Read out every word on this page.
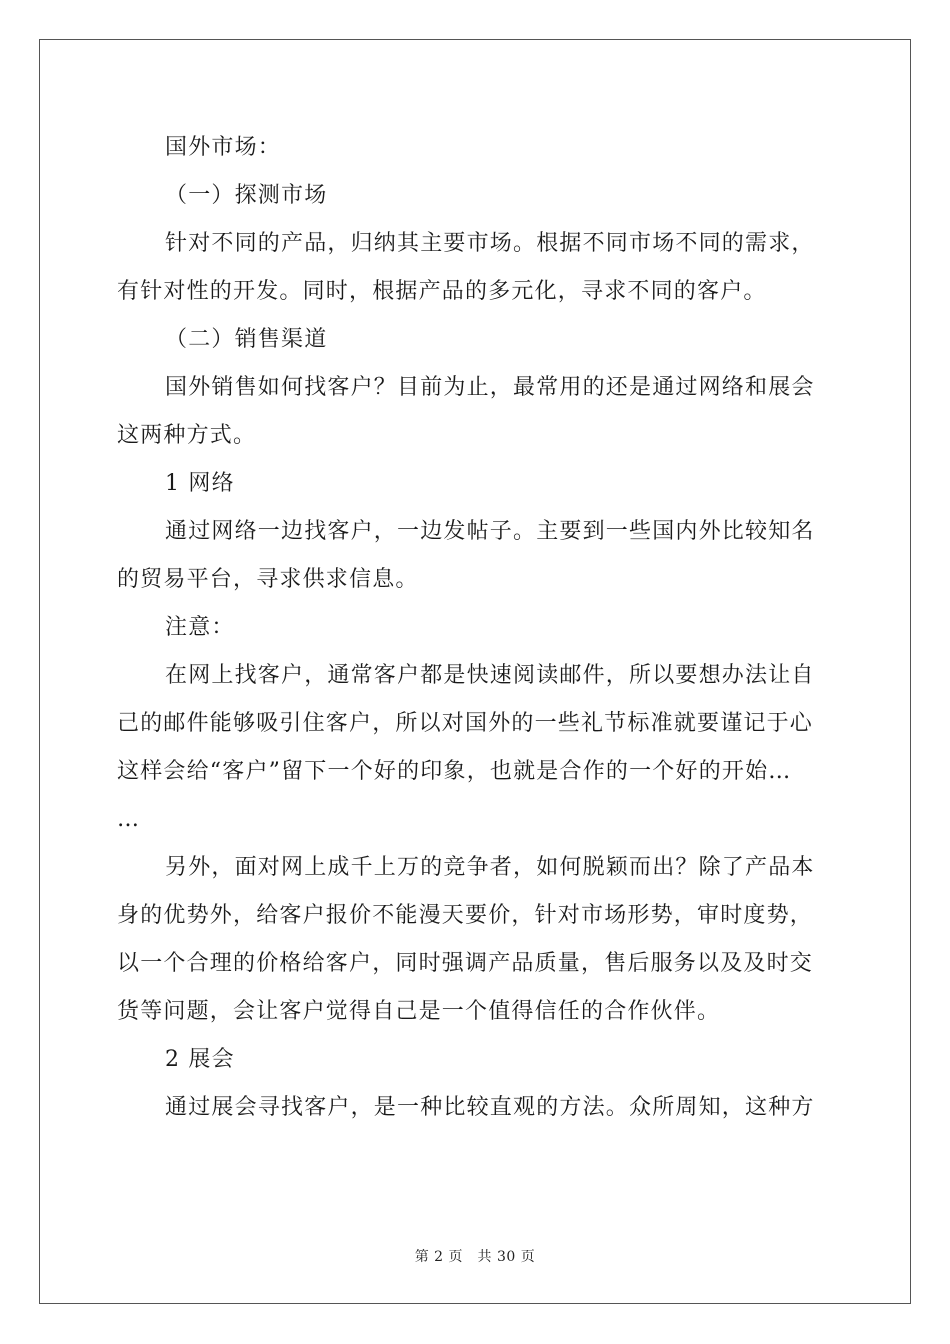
国外市场：
（一）探测市场
针对不同的产品，归纳其主要市场。根据不同市场不同的需求，
有针对性的开发。同时，根据产品的多元化，寻求不同的客户。
（二）销售渠道
国外销售如何找客户？目前为止，最常用的还是通过网络和展会
这两种方式。
1 网络
通过网络一边找客户，一边发帖子。主要到一些国内外比较知名
的贸易平台，寻求供求信息。
注意：
在网上找客户，通常客户都是快速阅读邮件，所以要想办法让自
己的邮件能够吸引住客户，所以对国外的一些礼节标准就要谨记于心
这样会给“客户”留下一个好的印象，也就是合作的一个好的开始…
…
另外，面对网上成千上万的竞争者，如何脱颖而出？除了产品本
身的优势外，给客户报价不能漫天要价，针对市场形势，审时度势，
以一个合理的价格给客户，同时强调产品质量，售后服务以及及时交
货等问题，会让客户觉得自己是一个值得信任的合作伙伴。
2 展会
通过展会寻找客户，是一种比较直观的方法。众所周知，这种方
第 2 页　共 30 页
